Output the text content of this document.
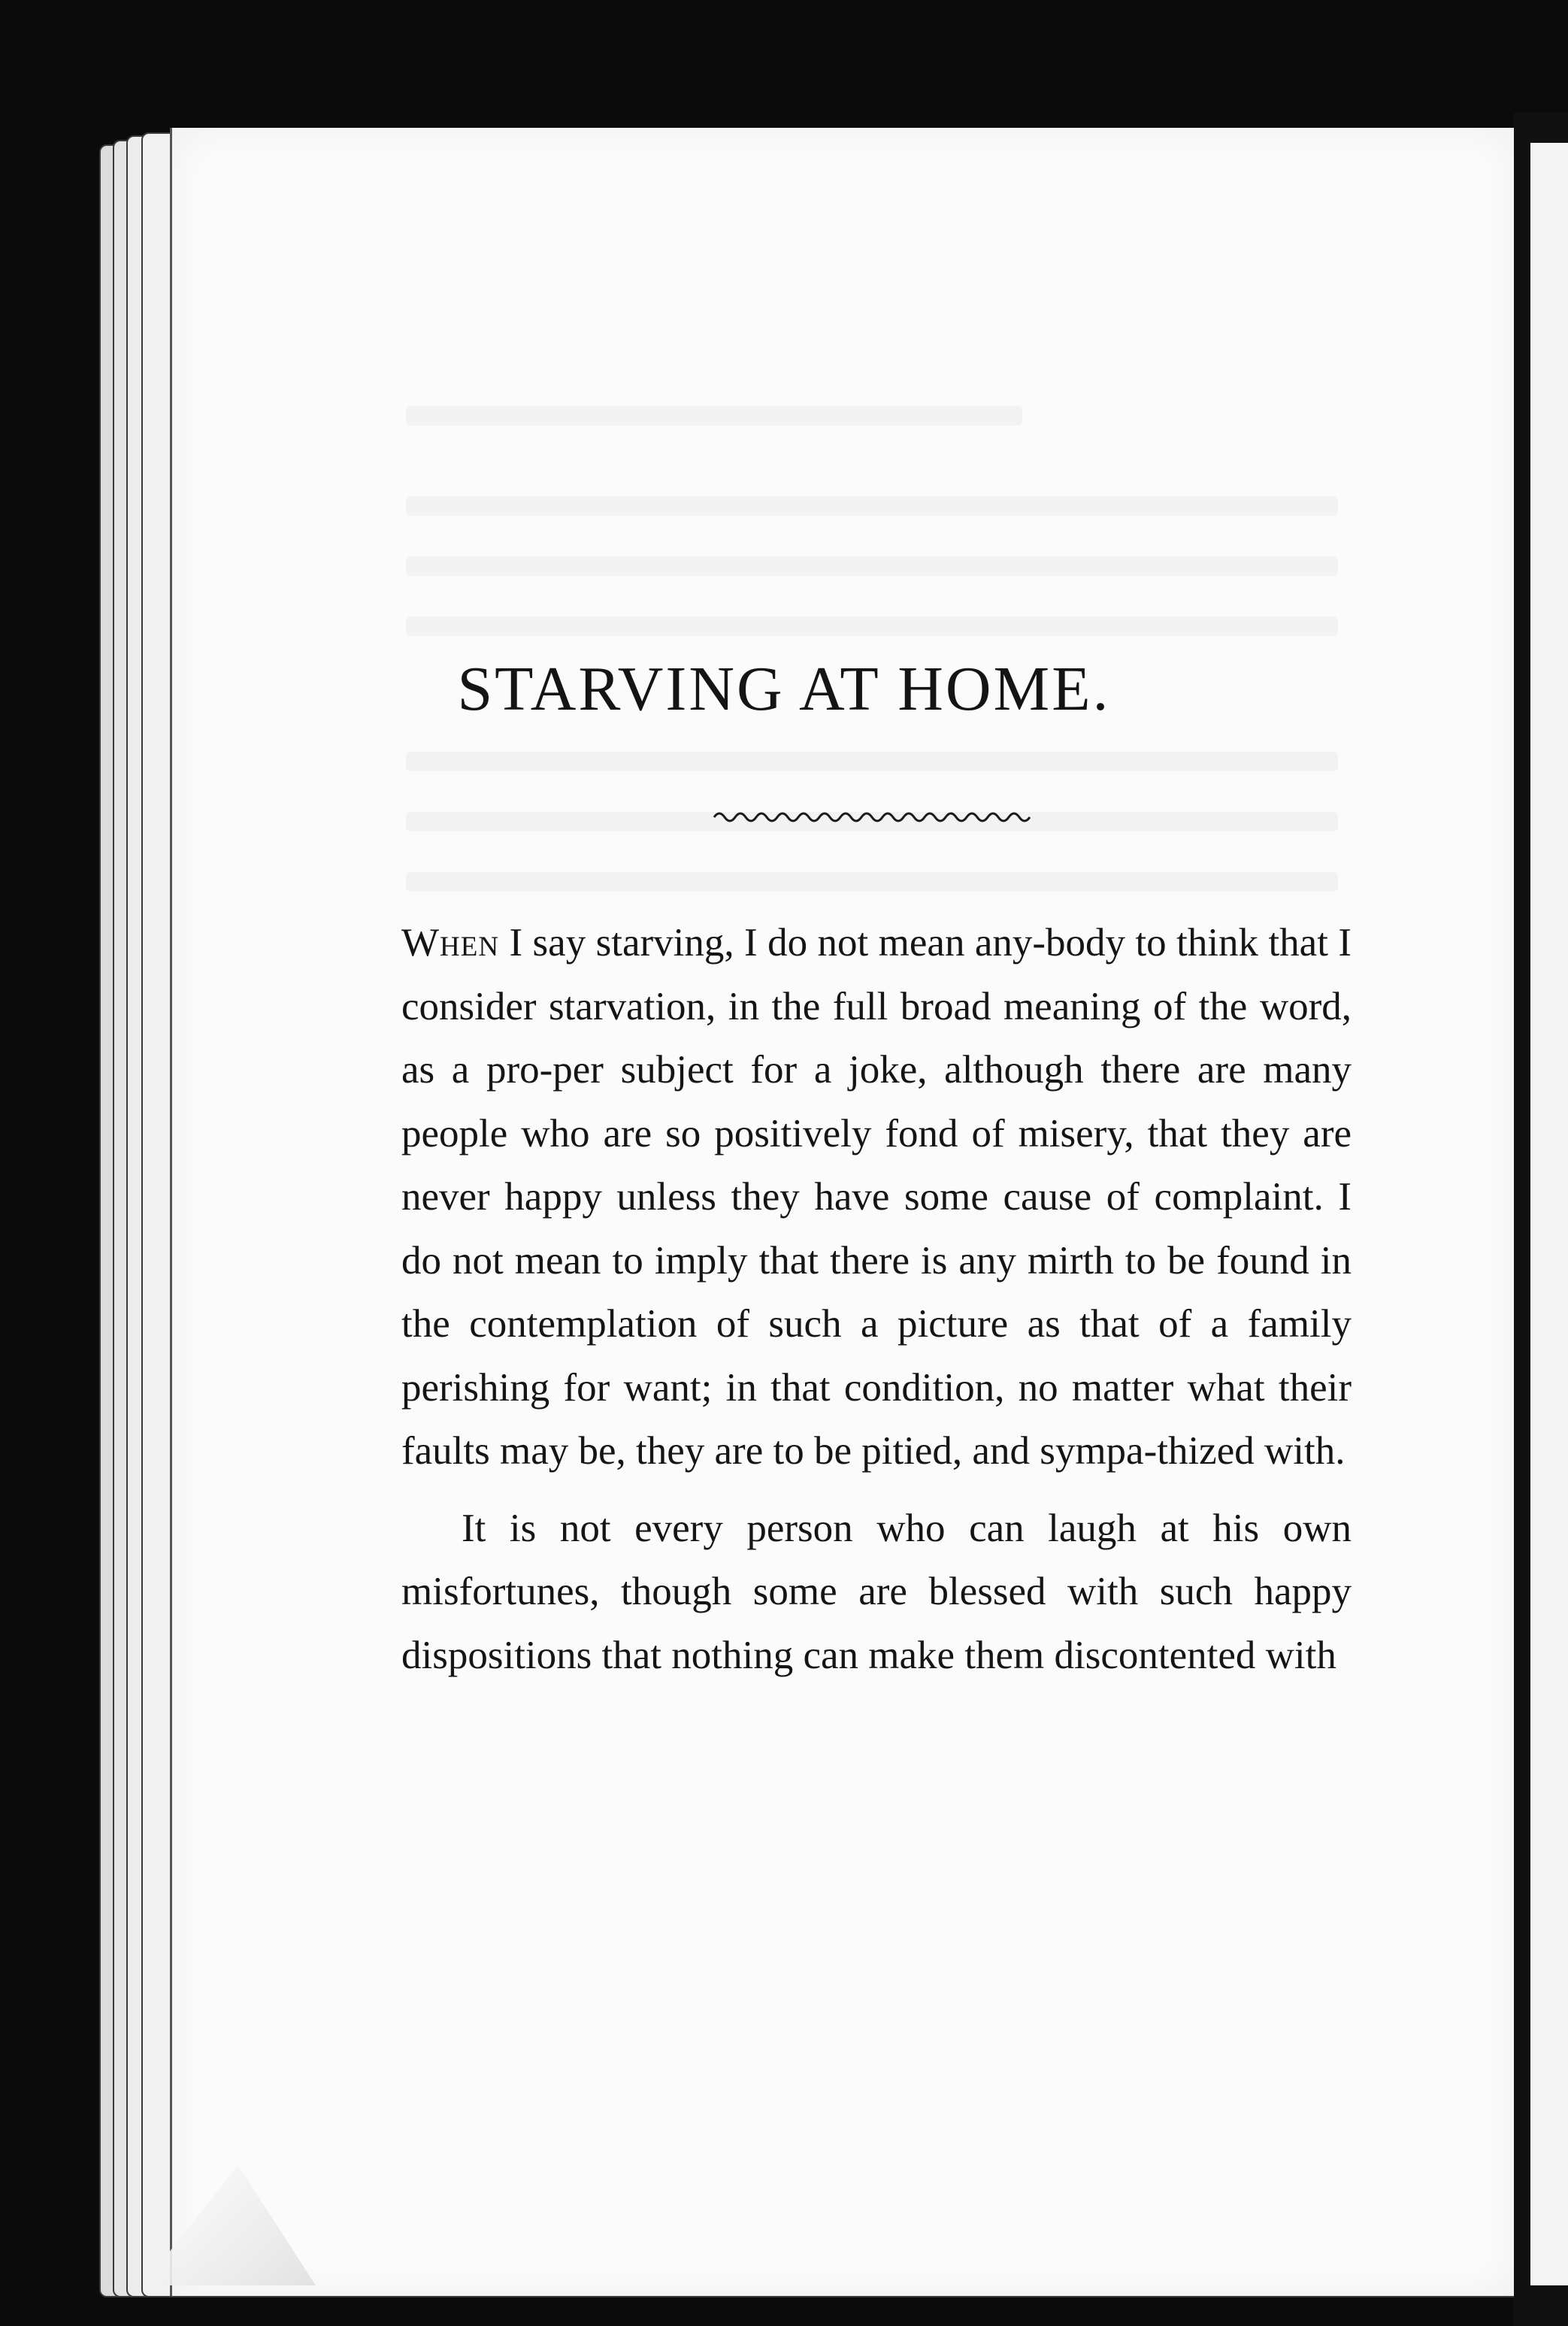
STARVING AT HOME.

When I say starving, I do not mean any-body to think that I consider starvation, in the full broad meaning of the word, as a pro-per subject for a joke, although there are many people who are so positively fond of misery, that they are never happy unless they have some cause of complaint. I do not mean to imply that there is any mirth to be found in the contemplation of such a picture as that of a family perishing for want; in that condition, no matter what their faults may be, they are to be pitied, and sympa-thized with.

It is not every person who can laugh at his own misfortunes, though some are blessed with such happy dispositions that nothing can make them discontented with
